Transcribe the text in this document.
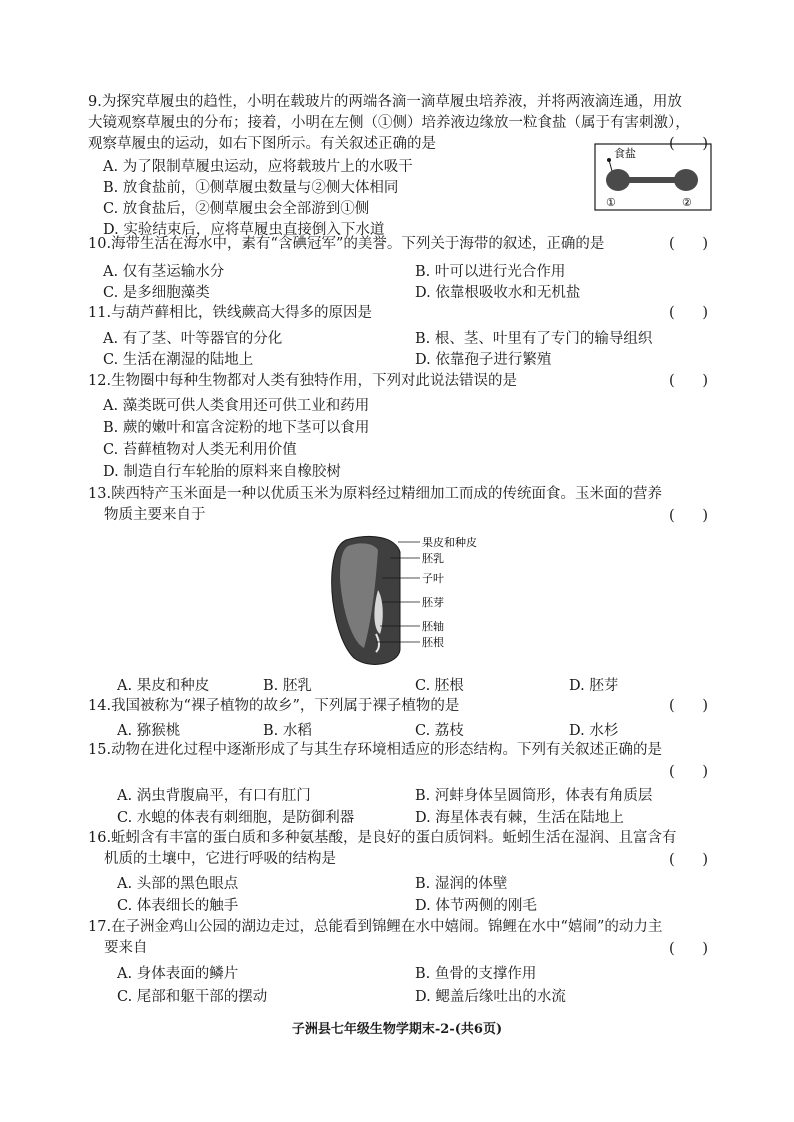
9.为探究草履虫的趋性，小明在载玻片的两端各滴一滴草履虫培养液，并将两液滴连通，用放
大镜观察草履虫的分布；接着，小明在左侧（①侧）培养液边缘放一粒食盐（属于有害刺激），
观察草履虫的运动，如右下图所示。有关叙述正确的是	(      )
A. 为了限制草履虫运动，应将载玻片上的水吸干
B. 放食盐前，①侧草履虫数量与②侧大体相同
C. 放食盐后，②侧草履虫会全部游到①侧
D. 实验结束后，应将草履虫直接倒入下水道
食盐
①	②
10.海带生活在海水中，素有“含碘冠军”的美誉。下列关于海带的叙述，正确的是	(      )
A. 仅有茎运输水分	B. 叶可以进行光合作用
C. 是多细胞藻类	D. 依靠根吸收水和无机盐
11.与葫芦藓相比，铁线蕨高大得多的原因是	(      )
A. 有了茎、叶等器官的分化	B. 根、茎、叶里有了专门的输导组织
C. 生活在潮湿的陆地上	D. 依靠孢子进行繁殖
12.生物圈中每种生物都对人类有独特作用，下列对此说法错误的是	(      )
A. 藻类既可供人类食用还可供工业和药用
B. 蕨的嫩叶和富含淀粉的地下茎可以食用
C. 苔藓植物对人类无利用价值
D. 制造自行车轮胎的原料来自橡胶树
13.陕西特产玉米面是一种以优质玉米为原料经过精细加工而成的传统面食。玉米面的营养
物质主要来自于	(      )
果皮和种皮
胚乳
子叶
胚芽
胚轴
胚根
A. 果皮和种皮	B. 胚乳	C. 胚根	D. 胚芽
14.我国被称为“裸子植物的故乡”，下列属于裸子植物的是	(      )
A. 猕猴桃	B. 水稻	C. 荔枝	D. 水杉
15.动物在进化过程中逐渐形成了与其生存环境相适应的形态结构。下列有关叙述正确的是
(      )
A. 涡虫背腹扁平，有口有肛门	B. 河蚌身体呈圆筒形，体表有角质层
C. 水螅的体表有刺细胞，是防御利器	D. 海星体表有棘，生活在陆地上
16.蚯蚓含有丰富的蛋白质和多种氨基酸，是良好的蛋白质饲料。蚯蚓生活在湿润、且富含有
机质的土壤中，它进行呼吸的结构是	(      )
A. 头部的黑色眼点	B. 湿润的体壁
C. 体表细长的触手	D. 体节两侧的刚毛
17.在子洲金鸡山公园的湖边走过，总能看到锦鲤在水中嬉闹。锦鲤在水中“嬉闹”的动力主
要来自	(      )
A. 身体表面的鳞片	B. 鱼骨的支撑作用
C. 尾部和躯干部的摆动	D. 鳃盖后缘吐出的水流
子洲县七年级生物学期末-2-(共6页)
